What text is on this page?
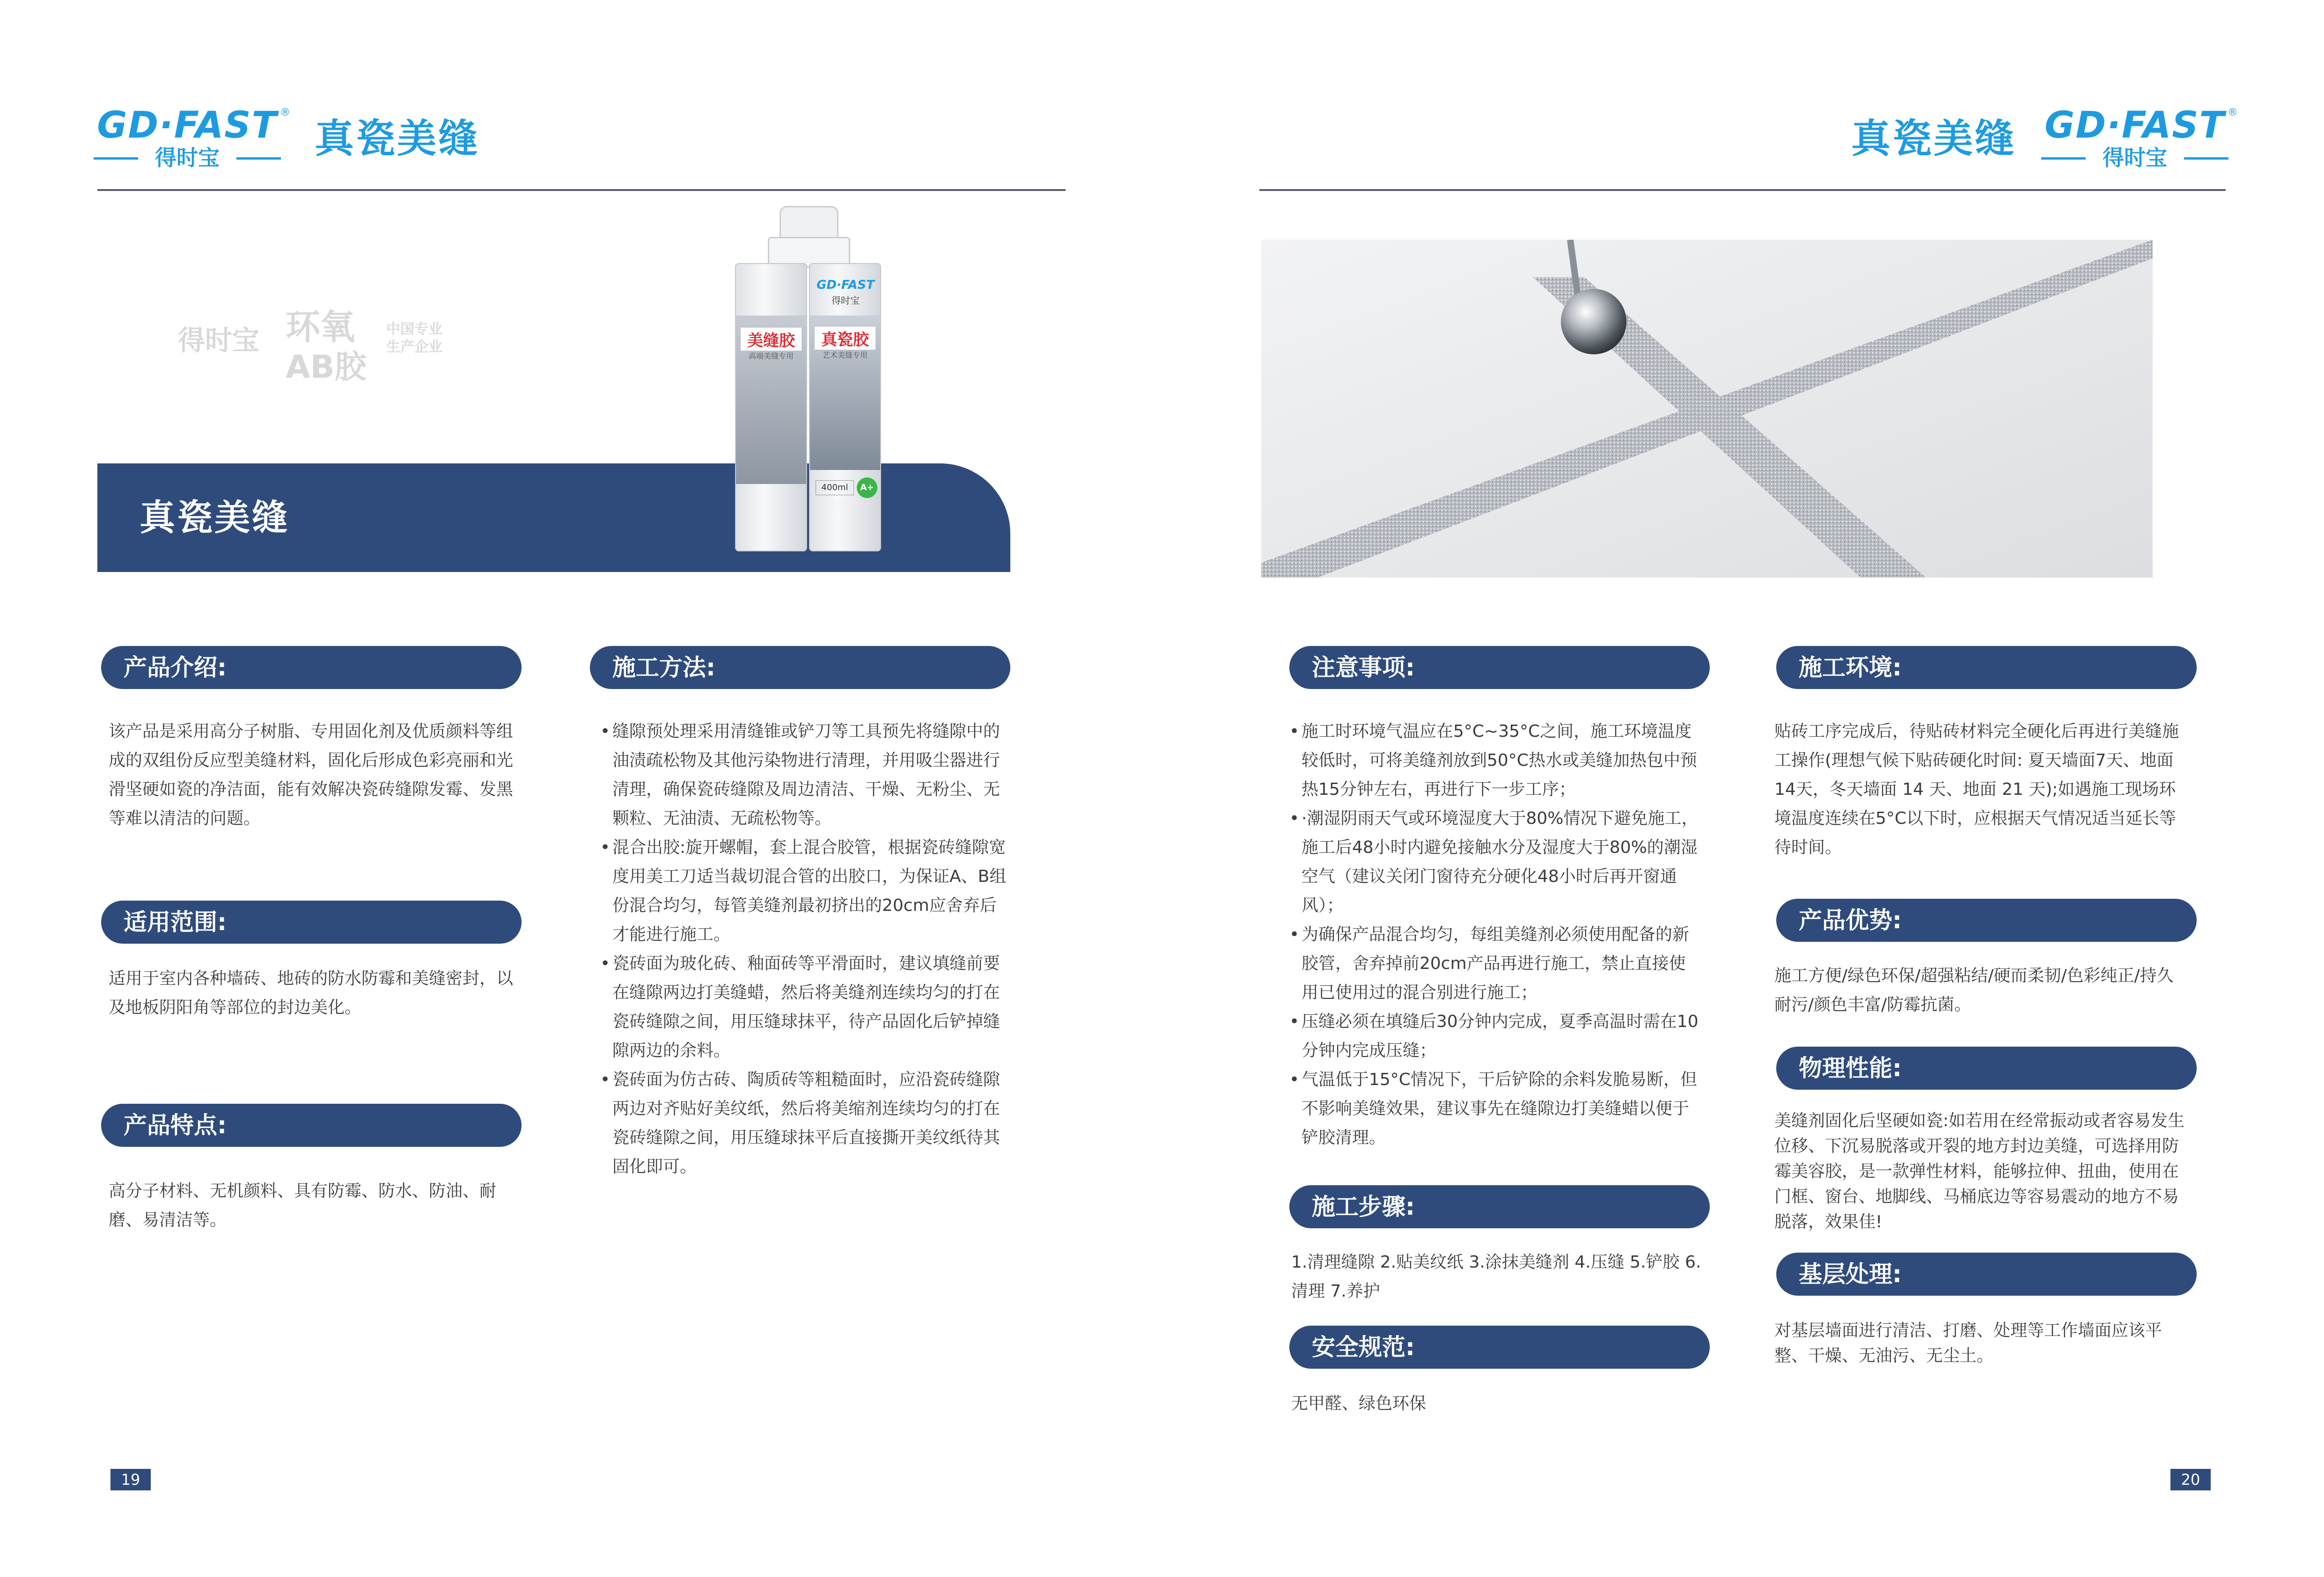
GD·FAST ®
得时宝	真瓷美缝
得时宝 环氧
AB胶
中国专业
生产企业
真瓷美缝
美缝胶
高端美缝专用
GD·FAST
得时宝
真瓷胶
艺术美缝专用
400ml	A+
产品介绍:
该产品是采用高分子树脂、专用固化剂及优质颜料等组成的双组份反应型美缝材料，固化后形成色彩亮丽和光滑坚硬如瓷的净洁面，能有效解决瓷砖缝隙发霉、发黑等难以清洁的问题。
适用范围:
适用于室内各种墙砖、地砖的防水防霉和美缝密封，以及地板阴阳角等部位的封边美化。
产品特点:
高分子材料、无机颜料、具有防霉、防水、防油、耐磨、易清洁等。
施工方法:
• 缝隙预处理采用清缝锥或铲刀等工具预先将缝隙中的油渍疏松物及其他污染物进行清理，并用吸尘器进行清理，确保瓷砖缝隙及周边清洁、干燥、无粉尘、无颗粒、无油渍、无疏松物等。
• 混合出胶:旋开螺帽，套上混合胶管，根据瓷砖缝隙宽度用美工刀适当裁切混合管的出胶口，为保证A、B组份混合均匀，每管美缝剂最初挤出的20cm应舍弃后才能进行施工。
• 瓷砖面为玻化砖、釉面砖等平滑面时，建议填缝前要在缝隙两边打美缝蜡，然后将美缝剂连续均匀的打在瓷砖缝隙之间，用压缝球抹平，待产品固化后铲掉缝隙两边的余料。
• 瓷砖面为仿古砖、陶质砖等粗糙面时，应沿瓷砖缝隙两边对齐贴好美纹纸，然后将美缩剂连续均匀的打在瓷砖缝隙之间，用压缝球抹平后直接撕开美纹纸待其固化即可。
19
真瓷美缝 GD·FAST ®
得时宝
注意事项:
• 施工时环境气温应在5°C~35°C之间，施工环境温度较低时，可将美缝剂放到50°C热水或美缝加热包中预热15分钟左右，再进行下一步工序；
• ·潮湿阴雨天气或环境湿度大于80%情况下避免施工，施工后48小时内避免接触水分及湿度大于80%的潮湿空气（建议关闭门窗待充分硬化48小时后再开窗通风）；
• 为确保产品混合均匀，每组美缝剂必须使用配备的新胶管，舍弃掉前20cm产品再进行施工，禁止直接使用已使用过的混合别进行施工；
• 压缝必须在填缝后30分钟内完成，夏季高温时需在10分钟内完成压缝；
• 气温低于15°C情况下，干后铲除的余料发脆易断，但不影响美缝效果，建议事先在缝隙边打美缝蜡以便于铲胶清理。
施工步骤:
1.清理缝隙 2.贴美纹纸 3.涂抹美缝剂 4.压缝 5.铲胶 6.清理 7.养护
安全规范:
无甲醛、绿色环保
施工环境:
贴砖工序完成后，待贴砖材料完全硬化后再进行美缝施工操作(理想气候下贴砖硬化时间: 夏天墙面7天、地面 14天，冬天墙面 14 天、地面 21 天);如遇施工现场环境温度连续在5°C以下时，应根据天气情况适当延长等待时间。
产品优势:
施工方便/绿色环保/超强粘结/硬而柔韧/色彩纯正/持久耐污/颜色丰富/防霉抗菌。
物理性能:
美缝剂固化后坚硬如瓷:如若用在经常振动或者容易发生位移、下沉易脱落或开裂的地方封边美缝，可选择用防霉美容胶，是一款弹性材料，能够拉伸、扭曲，使用在门框、窗台、地脚线、马桶底边等容易震动的地方不易脱落，效果佳!
基层处理:
对基层墙面进行清洁、打磨、处理等工作墙面应该平整、干燥、无油污、无尘土。
20
